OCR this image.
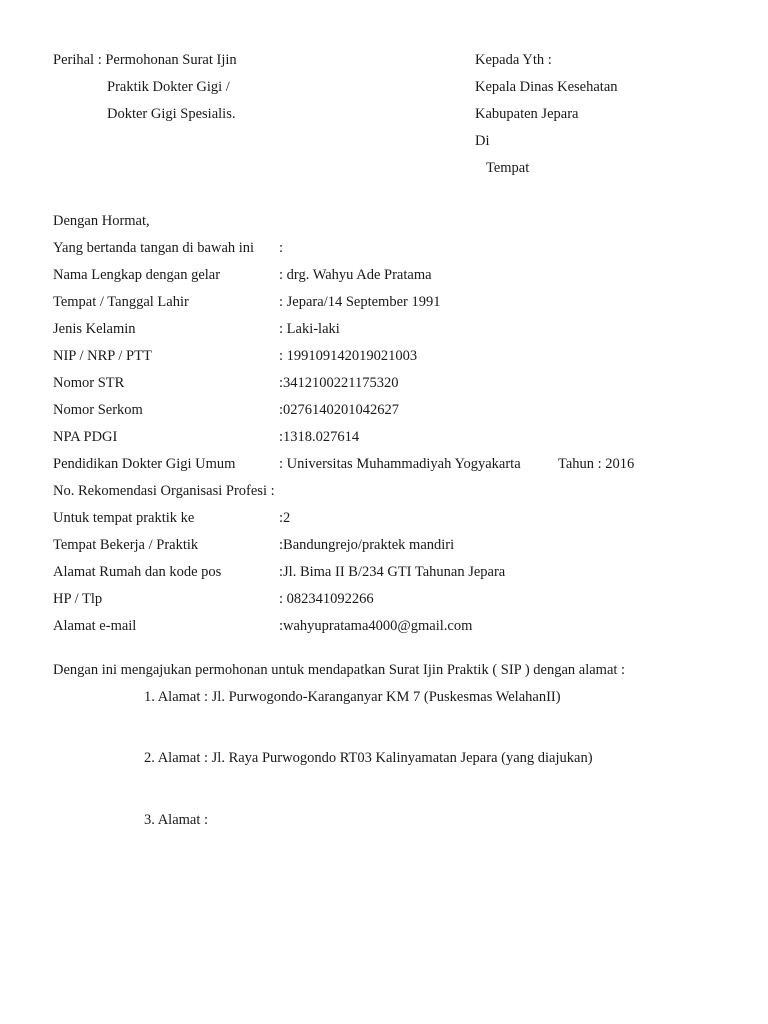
Perihal : Permohonan Surat Ijin
Praktik Dokter Gigi /
Dokter Gigi Spesialis.
Kepada Yth :
Kepala Dinas Kesehatan
Kabupaten Jepara
Di
Tempat
Dengan Hormat,
Yang bertanda tangan di bawah ini :
Nama Lengkap dengan gelar	: drg. Wahyu Ade Pratama
Tempat / Tanggal Lahir	: Jepara/14 September 1991
Jenis Kelamin	: Laki-laki
NIP / NRP / PTT	: 199109142019021003
Nomor STR	:3412100221175320
Nomor Serkom	:0276140201042627
NPA PDGI	:1318.027614
Pendidikan Dokter Gigi Umum	: Universitas Muhammadiyah Yogyakarta	Tahun : 2016
No. Rekomendasi Organisasi Profesi :
Untuk tempat praktik ke	:2
Tempat Bekerja / Praktik	:Bandungrejo/praktek mandiri
Alamat Rumah dan kode pos	:Jl. Bima II B/234 GTI Tahunan Jepara
HP / Tlp	: 082341092266
Alamat e-mail	:wahyupratama4000@gmail.com
Dengan ini mengajukan permohonan untuk mendapatkan Surat Ijin Praktik ( SIP ) dengan alamat :
1. Alamat : Jl. Purwogondo-Karanganyar KM 7 (Puskesmas WelahanII)
2. Alamat : Jl. Raya Purwogondo RT03 Kalinyamatan Jepara (yang diajukan)
3. Alamat :
